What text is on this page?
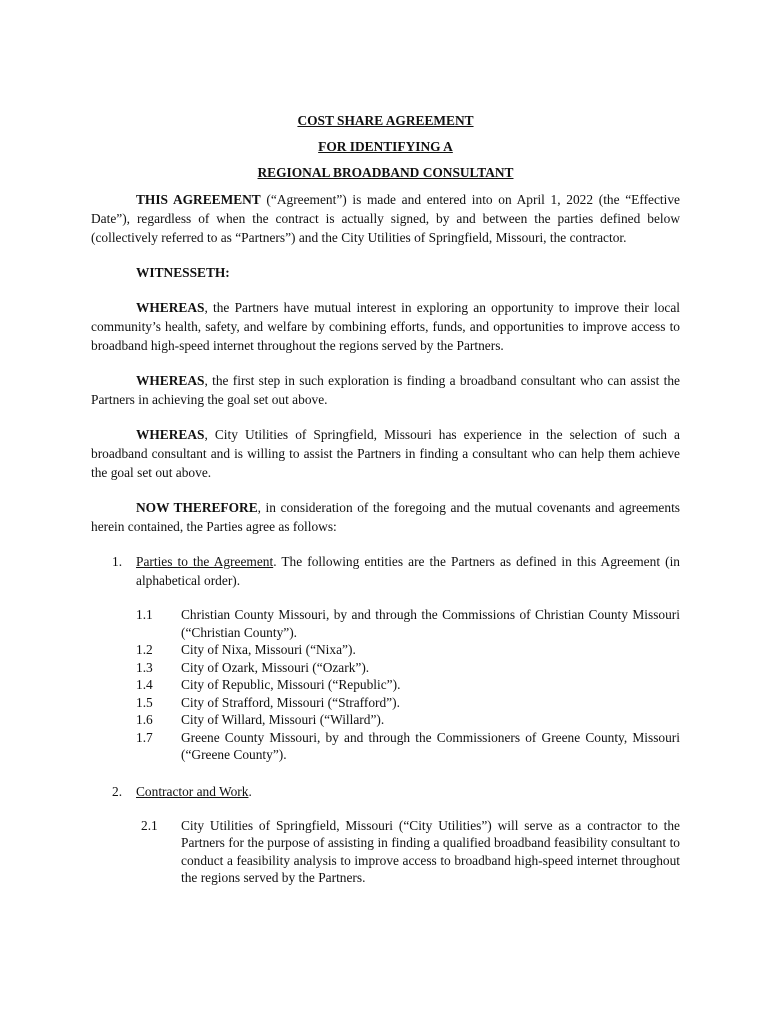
COST SHARE AGREEMENT
FOR IDENTIFYING A
REGIONAL BROADBAND CONSULTANT

THIS AGREEMENT (“Agreement”) is made and entered into on April 1, 2022 (the “Effective Date”), regardless of when the contract is actually signed, by and between the parties defined below (collectively referred to as “Partners”) and the City Utilities of Springfield, Missouri, the contractor.

WITNESSETH:

WHEREAS, the Partners have mutual interest in exploring an opportunity to improve their local community’s health, safety, and welfare by combining efforts, funds, and opportunities to improve access to broadband high-speed internet throughout the regions served by the Partners.

WHEREAS, the first step in such exploration is finding a broadband consultant who can assist the Partners in achieving the goal set out above.

WHEREAS, City Utilities of Springfield, Missouri has experience in the selection of such a broadband consultant and is willing to assist the Partners in finding a consultant who can help them achieve the goal set out above.

NOW THEREFORE, in consideration of the foregoing and the mutual covenants and agreements herein contained, the Parties agree as follows:

1. Parties to the Agreement. The following entities are the Partners as defined in this Agreement (in alphabetical order).
1.1 Christian County Missouri, by and through the Commissions of Christian County Missouri (“Christian County”).
1.2 City of Nixa, Missouri (“Nixa”).
1.3 City of Ozark, Missouri (“Ozark”).
1.4 City of Republic, Missouri (“Republic”).
1.5 City of Strafford, Missouri (“Strafford”).
1.6 City of Willard, Missouri (“Willard”).
1.7 Greene County Missouri, by and through the Commissioners of Greene County, Missouri (“Greene County”).
2. Contractor and Work.
2.1 City Utilities of Springfield, Missouri (“City Utilities”) will serve as a contractor to the Partners for the purpose of assisting in finding a qualified broadband feasibility consultant to conduct a feasibility analysis to improve access to broadband high-speed internet throughout the regions served by the Partners.
